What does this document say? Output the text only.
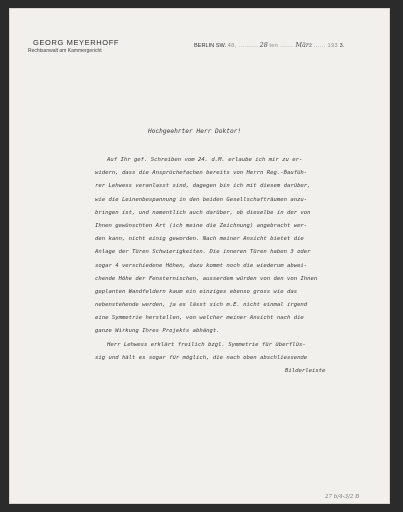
GEORG MEYERHOFF
Rechtsanwalt am Kammergericht
BERLIN SW. 48, .......... 28 ten ....... März ...... 193 3.
Hochgeehrter Herr Doktor!
Auf Ihr gef. Schreiben vom 24. d.M. erlaube ich mir zu er-
widern, dass die Ansprüchefachen bereits von Herrn Reg.-Baufüh-
rer Lehwess veranlasst sind, dagegen bin ich mit diesem darüber,
wie die Leinenbespannung in den beiden Gesellschafträumen anzu-
bringen ist, und namentlich auch darüber, ob dieselbe in der von
Ihnen gewünschten Art (ich meine die Zeichnung) angebracht wer-
den kann, nicht einig geworden. Nach meiner Ansicht bietet die
Anlage der Türen Schwierigkeiten. Die inneren Türen haben 3 oder
sogar 4 verschiedene Höhen, dazu kommt noch die wiederum abwei-
chende Höhe der Fensternischen, ausserdem würden von den von Ihnen
geplanten Wandfeldern kaum ein einziges ebenso gross wie das
nebenstehende werden, ja es lässt sich m.E. nicht einmal irgend
eine Symmetrie herstellen, von welcher meiner Ansicht nach die
ganze Wirkung Ihres Projekts abhängt.
Herr Lehwess erklärt freilich bzgl. Symmetrie für überflüs-
sig und hält es sogar für möglich, die nach oben abschliessende
Bilderleiste
27 b/4-3/2 B
